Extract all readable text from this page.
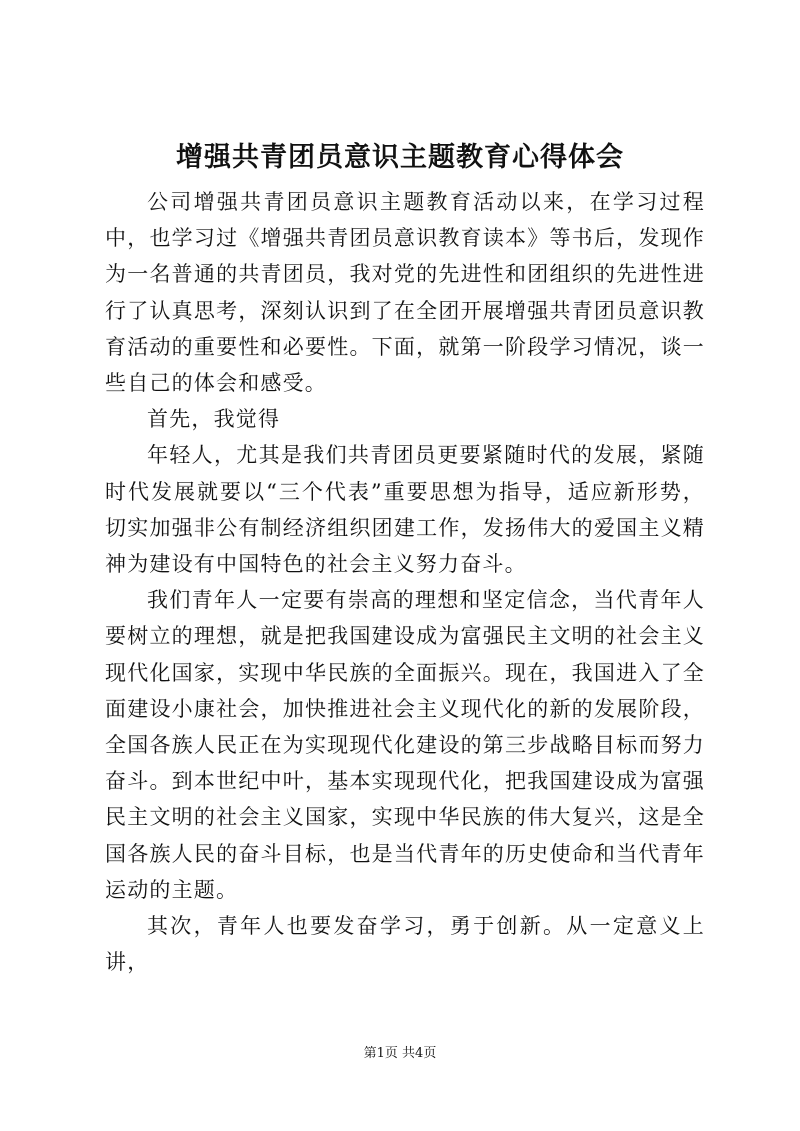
增强共青团员意识主题教育心得体会

公司增强共青团员意识主题教育活动以来，在学习过程中，也学习过《增强共青团员意识教育读本》等书后，发现作为一名普通的共青团员，我对党的先进性和团组织的先进性进行了认真思考，深刻认识到了在全团开展增强共青团员意识教育活动的重要性和必要性。下面，就第一阶段学习情况，谈一些自己的体会和感受。

首先，我觉得

年轻人，尤其是我们共青团员更要紧随时代的发展，紧随时代发展就要以“三个代表”重要思想为指导，适应新形势，切实加强非公有制经济组织团建工作，发扬伟大的爱国主义精神为建设有中国特色的社会主义努力奋斗。

我们青年人一定要有崇高的理想和坚定信念，当代青年人要树立的理想，就是把我国建设成为富强民主文明的社会主义现代化国家，实现中华民族的全面振兴。现在，我国进入了全面建设小康社会，加快推进社会主义现代化的新的发展阶段，全国各族人民正在为实现现代化建设的第三步战略目标而努力奋斗。到本世纪中叶，基本实现现代化，把我国建设成为富强民主文明的社会主义国家，实现中华民族的伟大复兴，这是全国各族人民的奋斗目标，也是当代青年的历史使命和当代青年运动的主题。

其次，青年人也要发奋学习，勇于创新。从一定意义上讲，

第1页 共4页
